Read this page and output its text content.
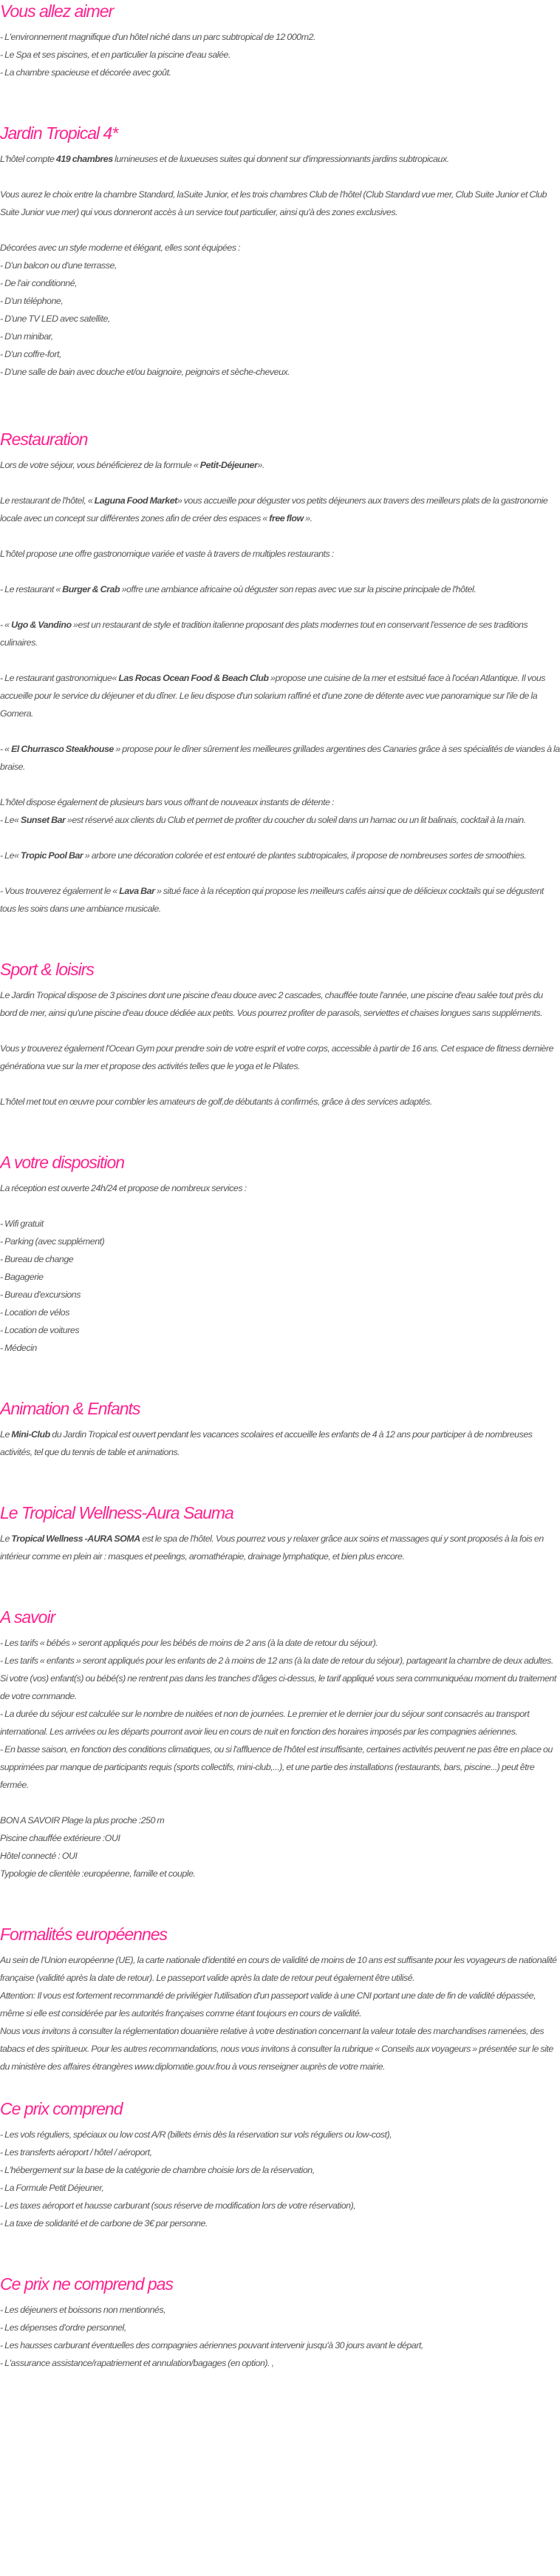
Vous allez aimer
- L'environnement magnifique d'un hôtel niché dans un parc subtropical de 12 000m2.
- Le Spa et ses piscines, et en particulier la piscine d'eau salée.
- La chambre spacieuse et décorée avec goût.
Jardin Tropical 4*
L'hôtel compte 419 chambres lumineuses et de luxueuses suites qui donnent sur d'impressionnants jardins subtropicaux.
Vous aurez le choix entre la chambre Standard, laSuite Junior, et les trois chambres Club de l'hôtel (Club Standard vue mer, Club Suite Junior et Club Suite Junior vue mer) qui vous donneront accès à un service tout particulier, ainsi qu'à des zones exclusives.
Décorées avec un style moderne et élégant, elles sont équipées :
- D'un balcon ou d'une terrasse,
- De l'air conditionné,
- D'un téléphone,
- D'une TV LED avec satellite,
- D'un minibar,
- D'un coffre-fort,
- D'une salle de bain avec douche et/ou baignoire, peignoirs et sèche-cheveux.
Restauration
Lors de votre séjour, vous bénéficierez de la formule « Petit-Déjeuner».
Le restaurant de l'hôtel, « Laguna Food Market» vous accueille pour déguster vos petits déjeuners aux travers des meilleurs plats de la gastronomie locale avec un concept sur différentes zones afin de créer des espaces « free flow ».
L'hôtel propose une offre gastronomique variée et vaste à travers de multiples restaurants :
- Le restaurant « Burger & Crab »offre une ambiance africaine où déguster son repas avec vue sur la piscine principale de l'hôtel.
- « Ugo & Vandino »est un restaurant de style et tradition italienne proposant des plats modernes tout en conservant l'essence de ses traditions culinaires.
- Le restaurant gastronomique« Las Rocas Ocean Food & Beach Club »propose une cuisine de la mer et estsitué face à l'océan Atlantique. Il vous accueille pour le service du déjeuner et du dîner. Le lieu dispose d'un solarium raffiné et d'une zone de détente avec vue panoramique sur l'ile de la Gomera.
- « El Churrasco Steakhouse » propose pour le dîner sûrement les meilleures grillades argentines des Canaries grâce à ses spécialités de viandes à la braise.
L'hôtel dispose également de plusieurs bars vous offrant de nouveaux instants de détente :
- Le« Sunset Bar »est réservé aux clients du Club et permet de profiter du coucher du soleil dans un hamac ou un lit balinais, cocktail à la main.
- Le« Tropic Pool Bar » arbore une décoration colorée et est entouré de plantes subtropicales, il propose de nombreuses sortes de smoothies.
- Vous trouverez également le « Lava Bar » situé face à la réception qui propose les meilleurs cafés ainsi que de délicieux cocktails qui se dégustent tous les soirs dans une ambiance musicale.
Sport & loisirs
Le Jardin Tropical dispose de 3 piscines dont une piscine d'eau douce avec 2 cascades, chauffée toute l'année, une piscine d'eau salée tout près du bord de mer, ainsi qu'une piscine d'eau douce dédiée aux petits. Vous pourrez profiter de parasols, serviettes et chaises longues sans suppléments.
Vous y trouverez également l'Ocean Gym pour prendre soin de votre esprit et votre corps, accessible à partir de 16 ans. Cet espace de fitness dernière générationa vue sur la mer et propose des activités telles que le yoga et le Pilates.
L'hôtel met tout en œuvre pour combler les amateurs de golf,de débutants à confirmés, grâce à des services adaptés.
A votre disposition
La réception est ouverte 24h/24 et propose de nombreux services :
- Wifi gratuit
- Parking (avec supplément)
- Bureau de change
- Bagagerie
- Bureau d'excursions
- Location de vélos
- Location de voitures
- Médecin
Animation & Enfants
Le Mini-Club du Jardin Tropical est ouvert pendant les vacances scolaires et accueille les enfants de 4 à 12 ans pour participer à de nombreuses activités, tel que du tennis de table et animations.
Le Tropical Wellness-Aura Sauma
Le Tropical Wellness -AURA SOMA est le spa de l'hôtel. Vous pourrez vous y relaxer grâce aux soins et massages qui y sont proposés à la fois en intérieur comme en plein air : masques et peelings, aromathérapie, drainage lymphatique, et bien plus encore.
A savoir
- Les tarifs « bébés » seront appliqués pour les bébés de moins de 2 ans (à la date de retour du séjour).
- Les tarifs « enfants » seront appliqués pour les enfants de 2 à moins de 12 ans (à la date de retour du séjour), partageant la chambre de deux adultes. Si votre (vos) enfant(s) ou bébé(s) ne rentrent pas dans les tranches d'âges ci-dessus, le tarif appliqué vous sera communiquéau moment du traitement de votre commande.
- La durée du séjour est calculée sur le nombre de nuitées et non de journées. Le premier et le dernier jour du séjour sont consacrés au transport international. Les arrivées ou les départs pourront avoir lieu en cours de nuit en fonction des horaires imposés par les compagnies aériennes.
- En basse saison, en fonction des conditions climatiques, ou si l'affluence de l'hôtel est insuffisante, certaines activités peuvent ne pas être en place ou supprimées par manque de participants requis (sports collectifs, mini-club,...), et une partie des installations (restaurants, bars, piscine...) peut être fermée.
BON A SAVOIR Plage la plus proche :250 m
Piscine chauffée extérieure :OUI
Hôtel connecté : OUI
Typologie de clientèle :européenne, famille et couple.
Formalités européennes
Au sein de l'Union européenne (UE), la carte nationale d'identité en cours de validité de moins de 10 ans est suffisante pour les voyageurs de nationalité française (validité après la date de retour). Le passeport valide après la date de retour peut également être utilisé.
Attention: Il vous est fortement recommandé de privilégier l'utilisation d'un passeport valide à une CNI portant une date de fin de validité dépassée, même si elle est considérée par les autorités françaises comme étant toujours en cours de validité.
Nous vous invitons à consulter la réglementation douanière relative à votre destination concernant la valeur totale des marchandises ramenées, des tabacs et des spiritueux. Pour les autres recommandations, nous vous invitons à consulter la rubrique « Conseils aux voyageurs » présentée sur le site du ministère des affaires étrangères www.diplomatie.gouv.frou à vous renseigner auprès de votre mairie.
Ce prix comprend
- Les vols réguliers, spéciaux ou low cost A/R (billets émis dès la réservation sur vols réguliers ou low-cost),
- Les transferts aéroport / hôtel / aéroport,
- L'hébergement sur la base de la catégorie de chambre choisie lors de la réservation,
- La Formule Petit Déjeuner,
- Les taxes aéroport et hausse carburant (sous réserve de modification lors de votre réservation),
- La taxe de solidarité et de carbone de 3€ par personne.
Ce prix ne comprend pas
- Les déjeuners et boissons non mentionnés,
- Les dépenses d'ordre personnel,
- Les hausses carburant éventuelles des compagnies aériennes pouvant intervenir jusqu'à 30 jours avant le départ,
- L'assurance assistance/rapatriement et annulation/bagages (en option). ,
